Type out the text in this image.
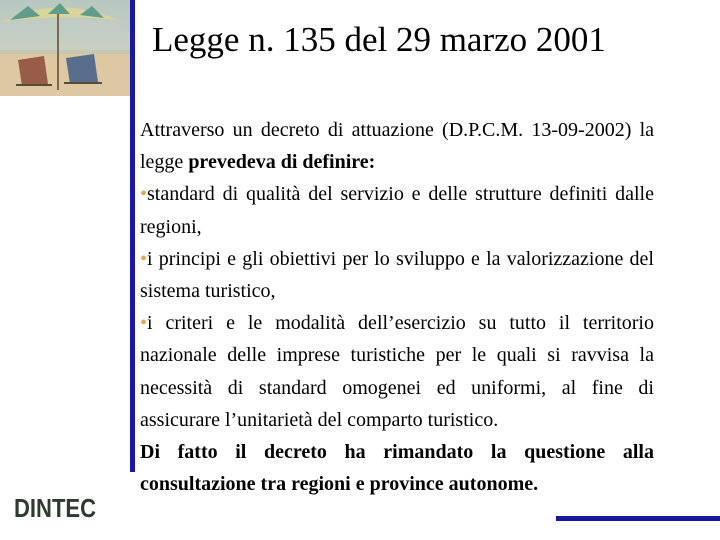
Legge n. 135 del 29 marzo 2001

Attraverso un decreto di attuazione (D.P.C.M. 13-09-2002) la legge prevedeva di definire:

•standard di qualità del servizio e delle strutture definiti dalle regioni,

•i principi e gli obiettivi per lo sviluppo e la valorizzazione del sistema turistico,

•i criteri e le modalità dell’esercizio su tutto il territorio nazionale delle imprese turistiche per le quali si ravvisa la necessità di standard omogenei ed uniformi, al fine di assicurare l’unitarietà del comparto turistico.

Di fatto il decreto ha rimandato la questione alla consultazione tra regioni e province autonome.

DINTEC
